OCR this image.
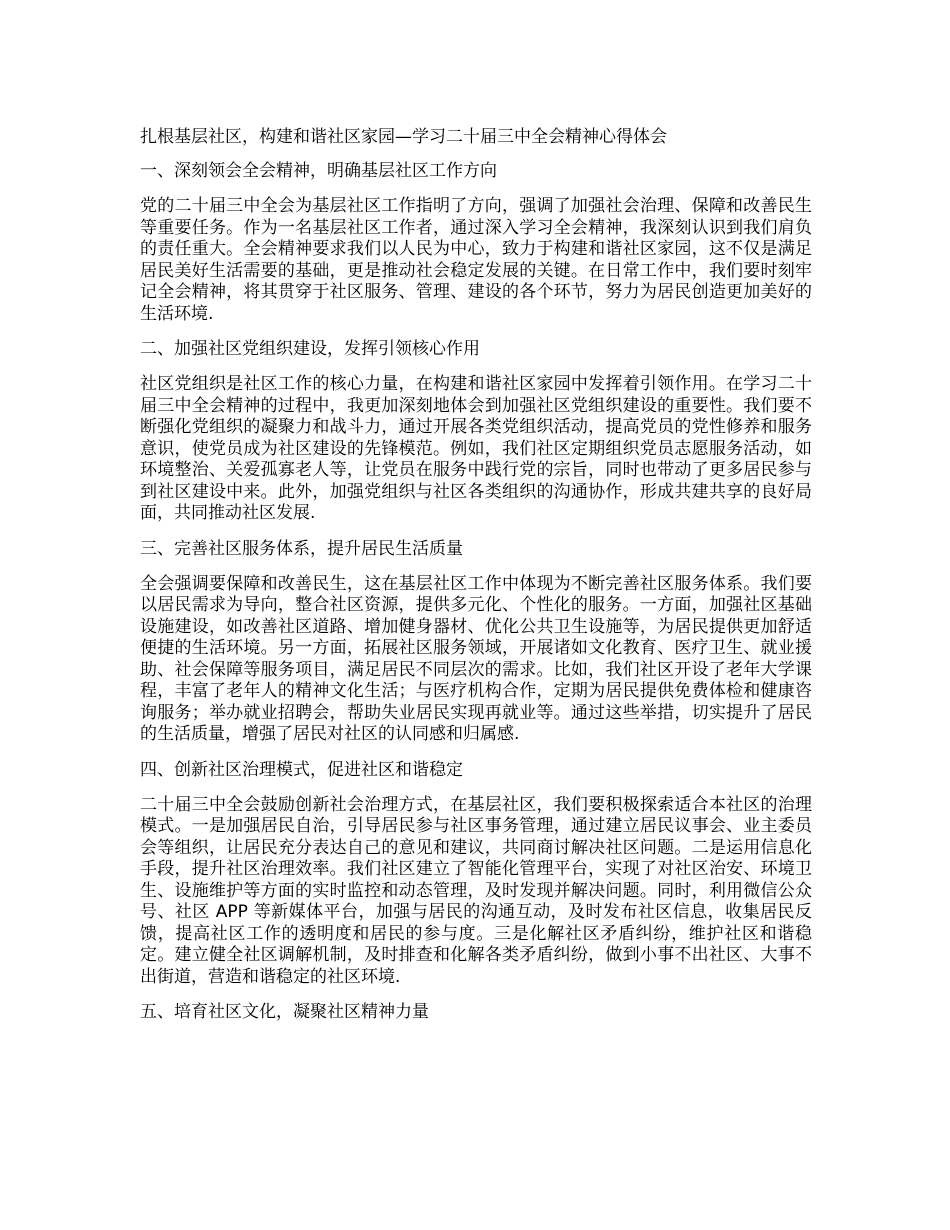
扎根基层社区，构建和谐社区家园—学习二十届三中全会精神心得体会

一、深刻领会全会精神，明确基层社区工作方向

党的二十届三中全会为基层社区工作指明了方向，强调了加强社会治理、保障和改善民生等重要任务。作为一名基层社区工作者，通过深入学习全会精神，我深刻认识到我们肩负的责任重大。全会精神要求我们以人民为中心，致力于构建和谐社区家园，这不仅是满足居民美好生活需要的基础，更是推动社会稳定发展的关键。在日常工作中，我们要时刻牢记全会精神，将其贯穿于社区服务、管理、建设的各个环节，努力为居民创造更加美好的生活环境.

二、加强社区党组织建设，发挥引领核心作用

社区党组织是社区工作的核心力量，在构建和谐社区家园中发挥着引领作用。在学习二十届三中全会精神的过程中，我更加深刻地体会到加强社区党组织建设的重要性。我们要不断强化党组织的凝聚力和战斗力，通过开展各类党组织活动，提高党员的党性修养和服务意识，使党员成为社区建设的先锋模范。例如，我们社区定期组织党员志愿服务活动，如环境整治、关爱孤寡老人等，让党员在服务中践行党的宗旨，同时也带动了更多居民参与到社区建设中来。此外，加强党组织与社区各类组织的沟通协作，形成共建共享的良好局面，共同推动社区发展.

三、完善社区服务体系，提升居民生活质量

全会强调要保障和改善民生，这在基层社区工作中体现为不断完善社区服务体系。我们要以居民需求为导向，整合社区资源，提供多元化、个性化的服务。一方面，加强社区基础设施建设，如改善社区道路、增加健身器材、优化公共卫生设施等，为居民提供更加舒适便捷的生活环境。另一方面，拓展社区服务领域，开展诸如文化教育、医疗卫生、就业援助、社会保障等服务项目，满足居民不同层次的需求。比如，我们社区开设了老年大学课程，丰富了老年人的精神文化生活；与医疗机构合作，定期为居民提供免费体检和健康咨询服务；举办就业招聘会，帮助失业居民实现再就业等。通过这些举措，切实提升了居民的生活质量，增强了居民对社区的认同感和归属感.

四、创新社区治理模式，促进社区和谐稳定

二十届三中全会鼓励创新社会治理方式，在基层社区，我们要积极探索适合本社区的治理模式。一是加强居民自治，引导居民参与社区事务管理，通过建立居民议事会、业主委员会等组织，让居民充分表达自己的意见和建议，共同商讨解决社区问题。二是运用信息化手段，提升社区治理效率。我们社区建立了智能化管理平台，实现了对社区治安、环境卫生、设施维护等方面的实时监控和动态管理，及时发现并解决问题。同时，利用微信公众号、社区 APP 等新媒体平台，加强与居民的沟通互动，及时发布社区信息，收集居民反馈，提高社区工作的透明度和居民的参与度。三是化解社区矛盾纠纷，维护社区和谐稳定。建立健全社区调解机制，及时排查和化解各类矛盾纠纷，做到小事不出社区、大事不出街道，营造和谐稳定的社区环境.

五、培育社区文化，凝聚社区精神力量
